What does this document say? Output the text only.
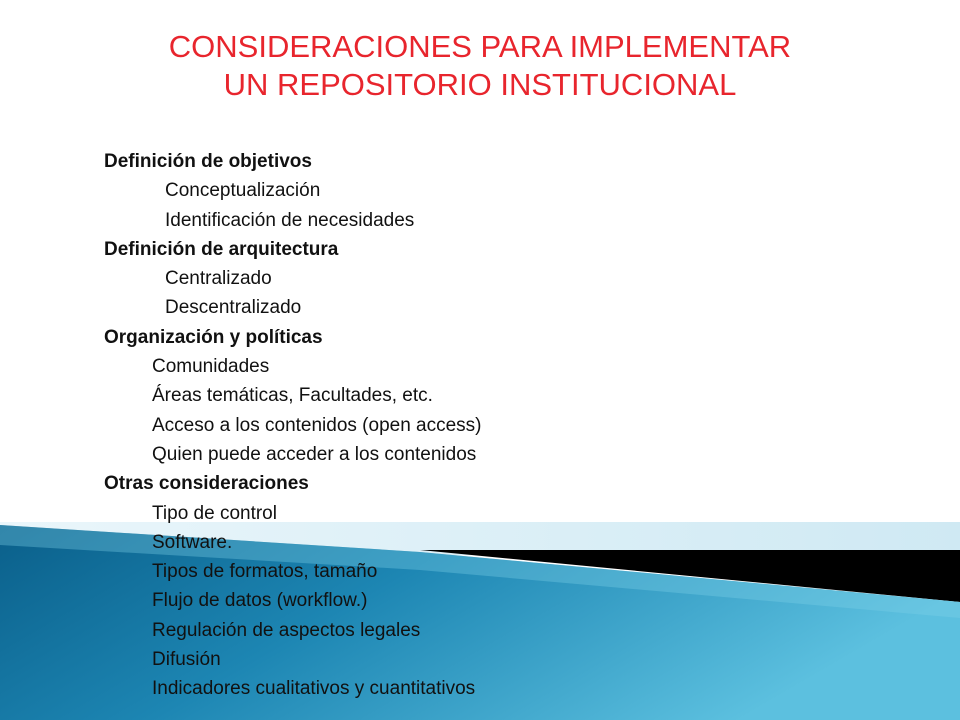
CONSIDERACIONES PARA IMPLEMENTAR
UN REPOSITORIO INSTITUCIONAL
Definición de objetivos
Conceptualización
Identificación de necesidades
Definición de arquitectura
Centralizado
Descentralizado
Organización y políticas
Comunidades
Áreas temáticas, Facultades, etc.
Acceso a los contenidos (open access)
Quien puede acceder a los contenidos
Otras consideraciones
Tipo de control
Software.
Tipos de formatos, tamaño
Flujo de datos (workflow.)
Regulación de aspectos legales
Difusión
Indicadores cualitativos y cuantitativos
